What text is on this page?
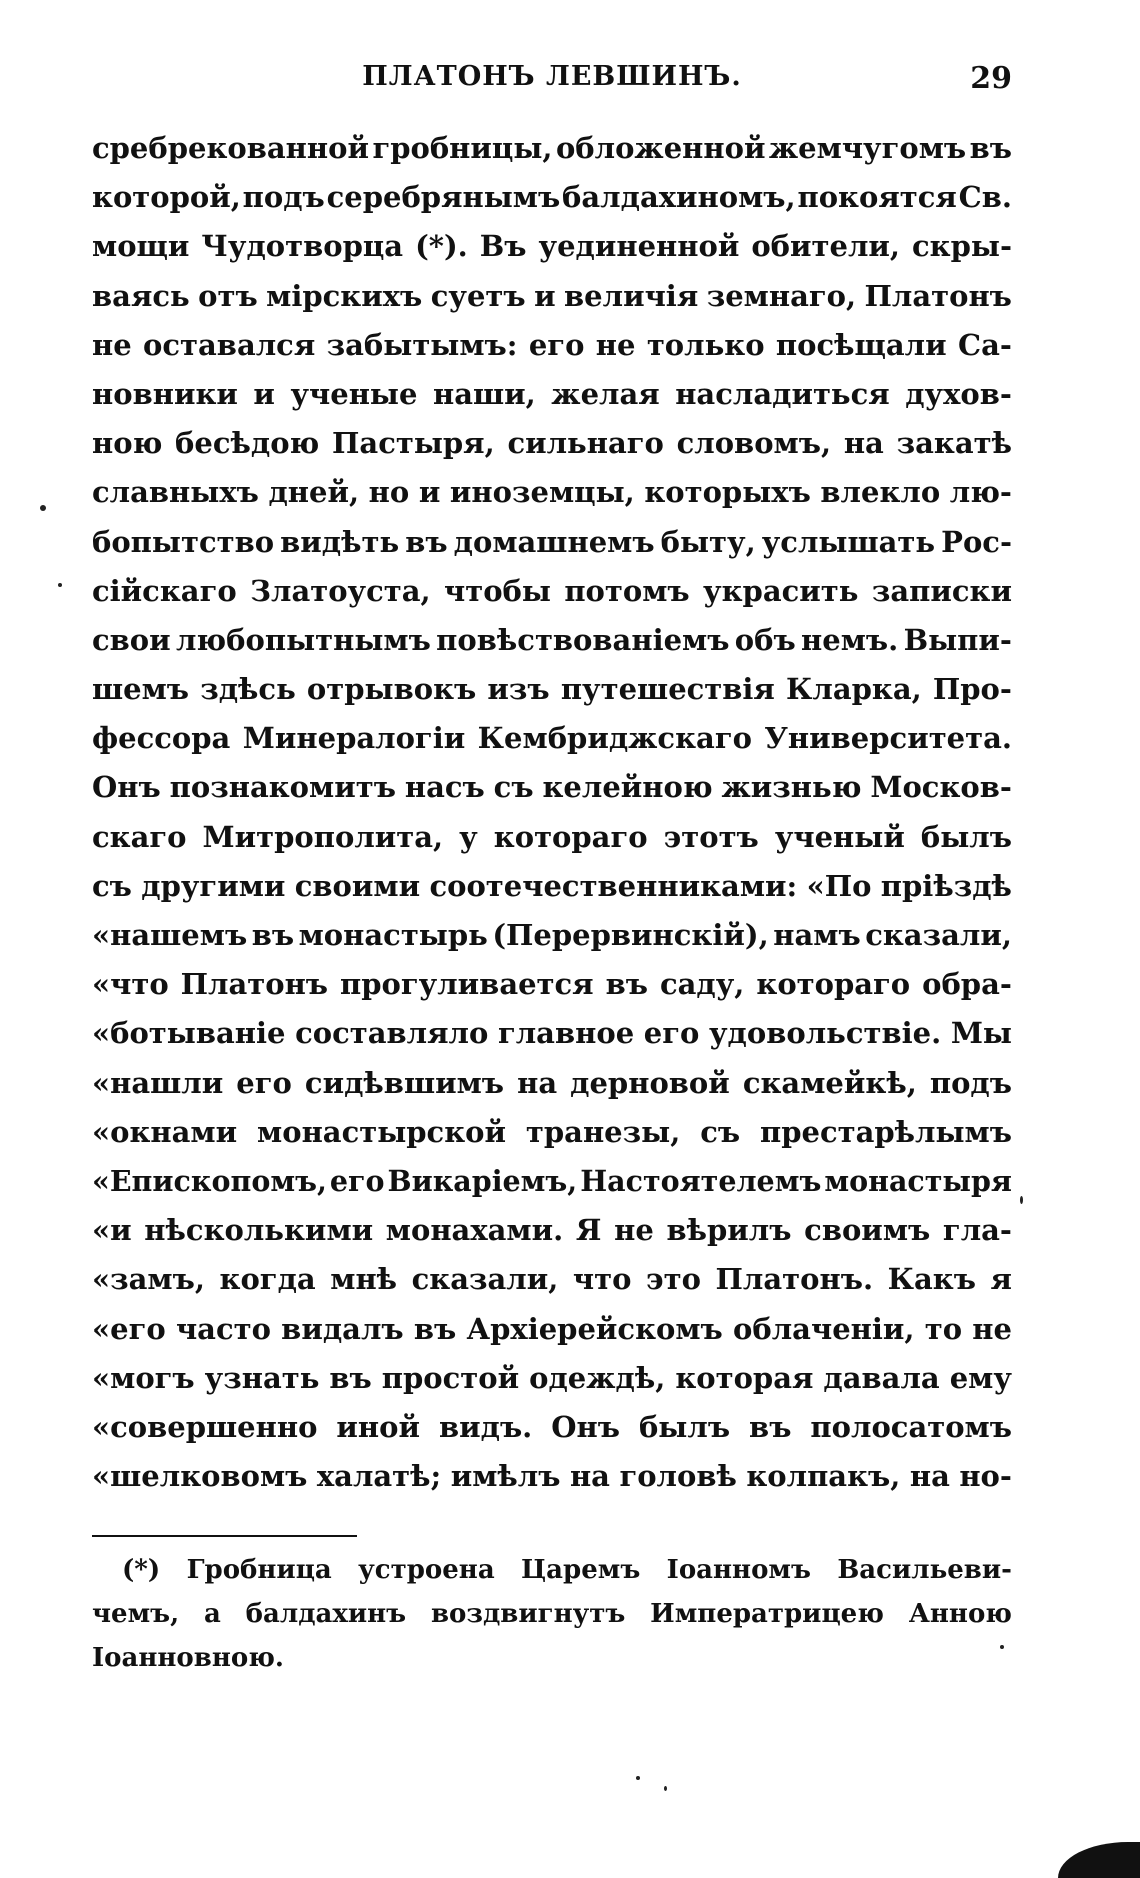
ПЛАТОНЪ ЛЕВШИНЪ.	29
сребрекованной гробницы, обложенной жемчугомъ въ
которой, подъ серебрянымъ балдахиномъ, покоятся Св.
мощи Чудотворца (*). Въ уединенной обители, скры-
ваясь отъ мірскихъ суетъ и величія земнаго, Платонъ
не оставался забытымъ: его не только посѣщали Са-
новники и ученые наши, желая насладиться духов-
ною бесѣдою Пастыря, сильнаго словомъ, на закатѣ
славныхъ дней, но и иноземцы, которыхъ влекло лю-
бопытство видѣть въ домашнемъ быту, услышать Рос-
сійскаго Златоуста, чтобы потомъ украсить записки
свои любопытнымъ повѣствованіемъ объ немъ. Выпи-
шемъ здѣсь отрывокъ изъ путешествія Кларка, Про-
фессора Минералогіи Кембриджскаго Университета.
Онъ познакомитъ насъ съ келейною жизнью Москов-
скаго Митрополита, у котораго этотъ ученый былъ
съ другими своими соотечественниками: «По пріѣздѣ
«нашемъ въ монастырь (Перервинскій), намъ сказали,
«что Платонъ прогуливается въ саду, котораго обра-
«ботываніе составляло главное его удовольствіе. Мы
«нашли его сидѣвшимъ на дерновой скамейкѣ, подъ
«окнами монастырской транезы, съ престарѣлымъ
«Епископомъ, его Викаріемъ, Настоятелемъ монастыря
«и нѣсколькими монахами. Я не вѣрилъ своимъ гла-
«замъ, когда мнѣ сказали, что это Платонъ. Какъ я
«его часто видалъ въ Архіерейскомъ облаченіи, то не
«могъ узнать въ простой одеждѣ, которая давала ему
«совершенно иной видъ. Онъ былъ въ полосатомъ
«шелковомъ халатѣ; имѣлъ на головѣ колпакъ, на но-
(*) Гробница устроена Царемъ Іоанномъ Васильеви-
чемъ, а балдахинъ воздвигнутъ Императрицею Анною
Іоанновною.
